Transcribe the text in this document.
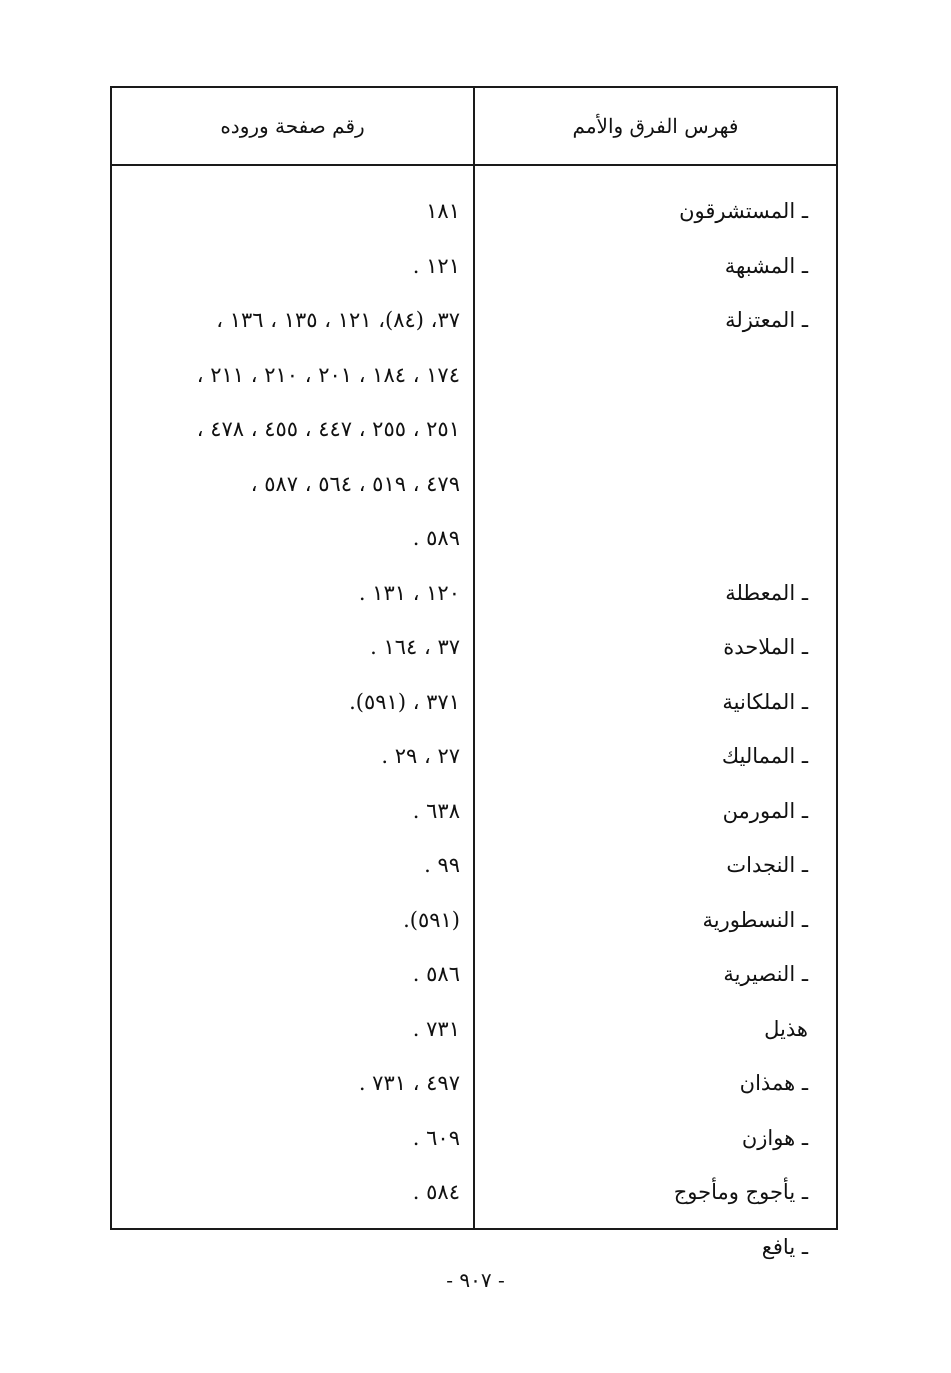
فهرس الفرق والأمم
رقم صفحة وروده
ـ المستشرقون
ـ المشبهة
ـ المعتزلة
ـ المعطلة
ـ الملاحدة
ـ الملكانية
ـ المماليك
ـ المورمن
ـ النجدات
ـ النسطورية
ـ النصيرية
هذيل
ـ همذان
ـ هوازن
ـ يأجوج ومأجوج
ـ يافع
١٨١
١٢١ .
٣٧، (٨٤)، ١٢١ ، ١٣٥ ، ١٣٦ ،
١٧٤ ، ١٨٤ ، ٢٠١ ، ٢١٠ ، ٢١١ ،
٢٥١ ، ٢٥٥ ، ٤٤٧ ، ٤٥٥ ، ٤٧٨ ،
٤٧٩ ، ٥١٩ ، ٥٦٤ ، ٥٨٧ ،
٥٨٩ .
١٢٠ ، ١٣١ .
٣٧ ، ١٦٤ .
٣٧١ ، (٥٩١).
٢٧ ، ٢٩ .
٦٣٨ .
٩٩ .
(٥٩١).
٥٨٦ .
٧٣١ .
٤٩٧ ، ٧٣١ .
٦٠٩ .
٥٨٤ .
- ٩٠٧ -
